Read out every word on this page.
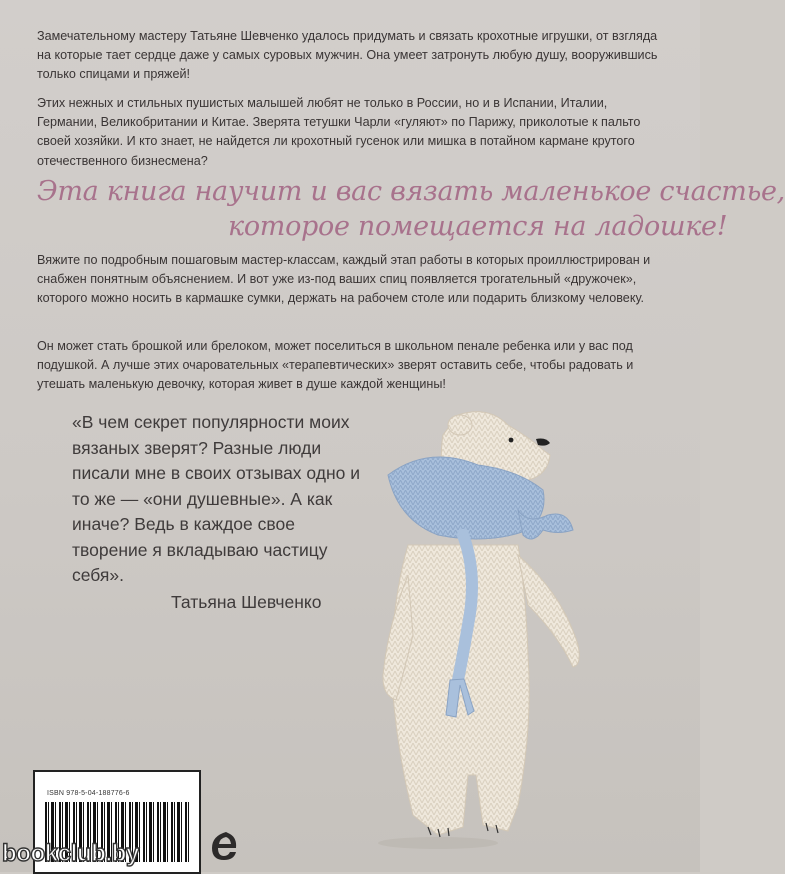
Замечательному мастеру Татьяне Шевченко удалось придумать и связать крохотные игрушки, от взгляда на которые тает сердце даже у самых суровых мужчин. Она умеет затронуть любую душу, вооружившись только спицами и пряжей!

Этих нежных и стильных пушистых малышей любят не только в России, но и в Испании, Италии, Германии, Великобритании и Китае. Зверята тетушки Чарли «гуляют» по Парижу, приколотые к пальто своей хозяйки. И кто знает, не найдется ли крохотный гусенок или мишка в потайном кармане крутого отечественного бизнесмена?

Эта книга научит и вас вязать маленькое счастье,
которое помещается на ладошке!

Вяжите по подробным пошаговым мастер-классам, каждый этап работы в которых проиллюстрирован и снабжен понятным объяснением. И вот уже из-под ваших спиц появляется трогательный «дружочек», которого можно носить в кармашке сумки, держать на рабочем столе или подарить близкому человеку.

Он может стать брошкой или брелоком, может поселиться в школьном пенале ребенка или у вас под подушкой. А лучше этих очаровательных «терапевтических» зверят оставить себе, чтобы радовать и утешать маленькую девочку, которая живет в душе каждой женщины!

«В чем секрет популярности моих вязаных зверят? Разные люди писали мне в своих отзывах одно и то же — «они душевные». А как иначе? Ведь в каждое свое творение я вкладываю частицу себя».

Татьяна Шевченко
ISBN 978-5-04-188776-6
bookclub.by
